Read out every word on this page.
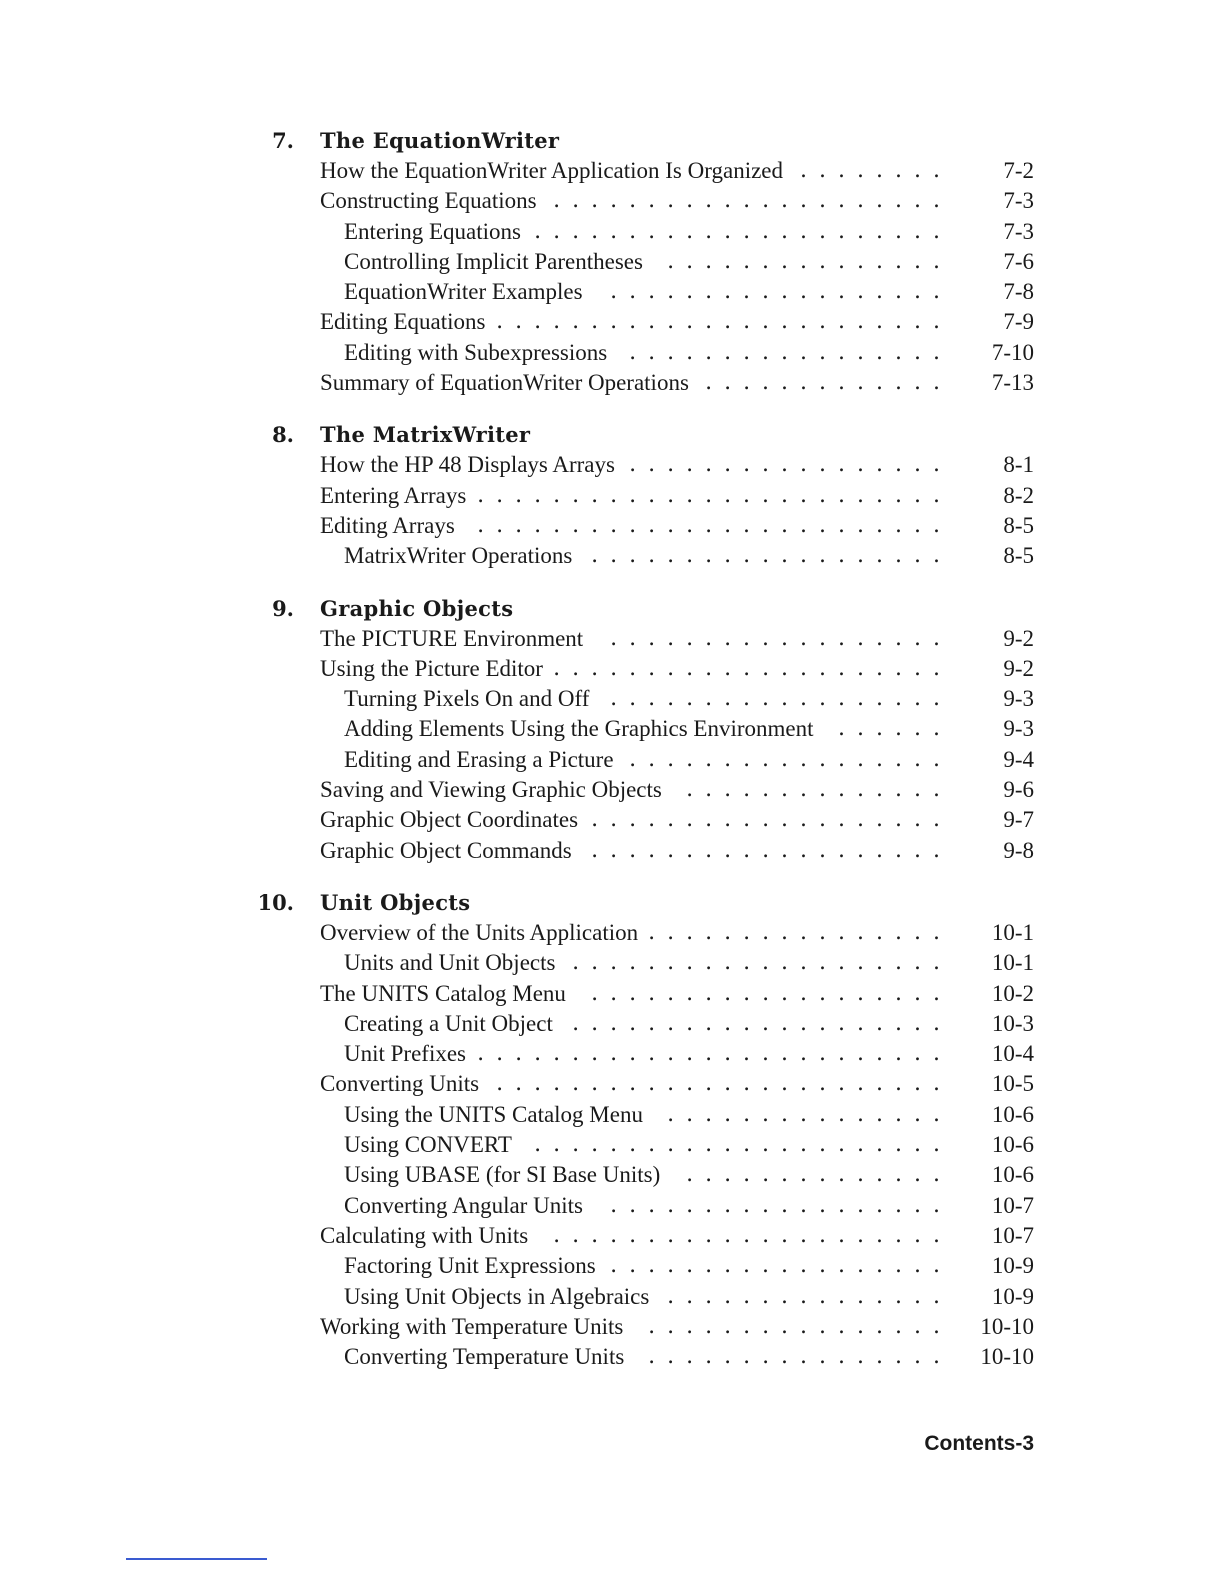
7. The EquationWriter
How the EquationWriter Application Is Organized ........ 7-2
Constructing Equations ..................... 7-3
Entering Equations ...................... 7-3
Controlling Implicit Parentheses	............... 7-6
EquationWriter Examples	.................. 7-8
Editing Equations ........................ 7-9
Editing with Subexpressions ................. 7-10
Summary of EquationWriter Operations ............. 7-13
8. The MatrixWriter
How the HP 48 Displays Arrays ................. 8-1
Entering Arrays ......................... 8-2
Editing Arrays	......................... 8-5
MatrixWriter Operations ................... 8-5
9. Graphic Objects
The PICTURE Environment	.................. 9-2
Using the Picture Editor ..................... 9-2
Turning Pixels On and Off .................. 9-3
Adding Elements Using the Graphics Environment	...... 9-3
Editing and Erasing a Picture ................. 9-4
Saving and Viewing Graphic Objects	.............. 9-6
Graphic Object Coordinates ................... 9-7
Graphic Object Commands ................... 9-8
10. Unit Objects
Overview of the Units Application ................ 10-1
Units and Unit Objects .................... 10-1
The UNITS Catalog Menu	................... 10-2
Creating a Unit Object .................... 10-3
Unit Prefixes ......................... 10-4
Converting Units ........................ 10-5
Using the UNITS Catalog Menu	............... 10-6
Using CONVERT	...................... 10-6
Using UBASE (for SI Base Units)	.............. 10-6
Converting Angular Units	.................. 10-7
Calculating with Units	..................... 10-7
Factoring Unit Expressions .................. 10-9
Using Unit Objects in Algebraics ............... 10-9
Working with Temperature Units	................ 10-10
Converting Temperature Units	................ 10-10
Contents-3
